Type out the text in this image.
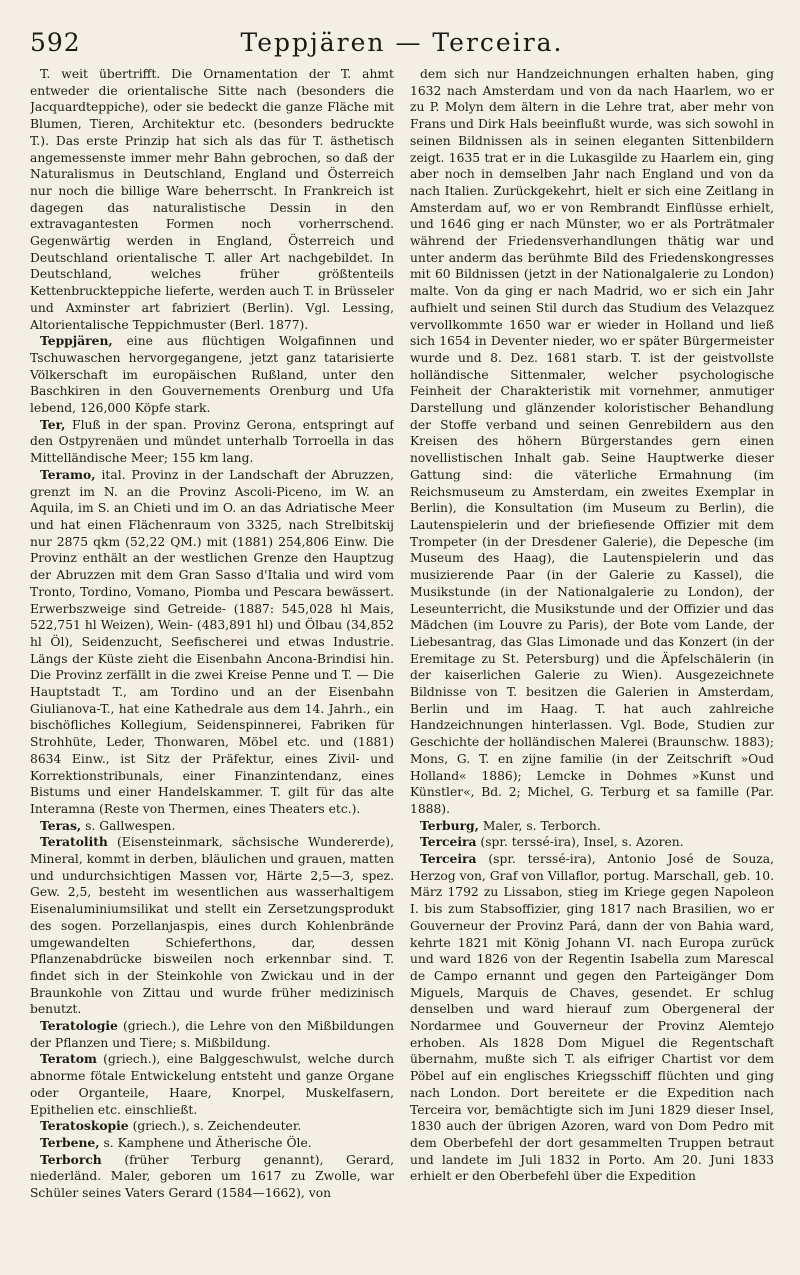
592	Teppjären — Terceira.

T. weit übertrifft. Die Ornamentation der T. ahmt entweder die orientalische Sitte nach (besonders die Jacquardteppiche), oder sie bedeckt die ganze Fläche mit Blumen, Tieren, Architektur etc. (besonders bedruckte T.). Das erste Prinzip hat sich als das für T. ästhetisch angemessenste immer mehr Bahn gebrochen, so daß der Naturalismus in Deutschland, England und Österreich nur noch die billige Ware beherrscht. In Frankreich ist dagegen das naturalistische Dessin in den extravagantesten Formen noch vorherrschend. Gegenwärtig werden in England, Österreich und Deutschland orientalische T. aller Art nachgebildet. In Deutschland, welches früher größtenteils Kettenbruckteppiche lieferte, werden auch T. in Brüsseler und Axminster art fabriziert (Berlin). Vgl. Lessing, Altorientalische Teppichmuster (Berl. 1877).

Teppjären, eine aus flüchtigen Wolgafinnen und Tschuwaschen hervorgegangene, jetzt ganz tatarisierte Völkerschaft im europäischen Rußland, unter den Baschkiren in den Gouvernements Orenburg und Ufa lebend, 126,000 Köpfe stark.

Ter, Fluß in der span. Provinz Gerona, entspringt auf den Ostpyrenäen und mündet unterhalb Torroella in das Mittelländische Meer; 155 km lang.

Teramo, ital. Provinz in der Landschaft der Abruzzen, grenzt im N. an die Provinz Ascoli-Piceno, im W. an Aquila, im S. an Chieti und im O. an das Adriatische Meer und hat einen Flächenraum von 3325, nach Strelbitskij nur 2875 qkm (52,22 QM.) mit (1881) 254,806 Einw. Die Provinz enthält an der westlichen Grenze den Hauptzug der Abruzzen mit dem Gran Sasso d'Italia und wird vom Tronto, Tordino, Vomano, Piomba und Pescara bewässert. Erwerbszweige sind Getreide- (1887: 545,028 hl Mais, 522,751 hl Weizen), Wein- (483,891 hl) und Ölbau (34,852 hl Öl), Seidenzucht, Seefischerei und etwas Industrie. Längs der Küste zieht die Eisenbahn Ancona-Brindisi hin. Die Provinz zerfällt in die zwei Kreise Penne und T. — Die Hauptstadt T., am Tordino und an der Eisenbahn Giulianova-T., hat eine Kathedrale aus dem 14. Jahrh., ein bischöfliches Kollegium, Seidenspinnerei, Fabriken für Strohhüte, Leder, Thonwaren, Möbel etc. und (1881) 8634 Einw., ist Sitz der Präfektur, eines Zivil- und Korrektionstribunals, einer Finanzintendanz, eines Bistums und einer Handelskammer. T. gilt für das alte Interamna (Reste von Thermen, eines Theaters etc.).

Teras, s. Gallwespen.

Teratolith (Eisensteinmark, sächsische Wundererde), Mineral, kommt in derben, bläulichen und grauen, matten und undurchsichtigen Massen vor, Härte 2,5—3, spez. Gew. 2,5, besteht im wesentlichen aus wasserhaltigem Eisenaluminiumsilikat und stellt ein Zersetzungsprodukt des sogen. Porzellanjaspis, eines durch Kohlenbrände umgewandelten Schieferthons, dar, dessen Pflanzenabdrücke bisweilen noch erkennbar sind. T. findet sich in der Steinkohle von Zwickau und in der Braunkohle von Zittau und wurde früher medizinisch benutzt.

Teratologie (griech.), die Lehre von den Mißbildungen der Pflanzen und Tiere; s. Mißbildung.

Teratom (griech.), eine Balggeschwulst, welche durch abnorme fötale Entwickelung entsteht und ganze Organe oder Organteile, Haare, Knorpel, Muskelfasern, Epithelien etc. einschließt.

Teratoskopie (griech.), s. Zeichendeuter.

Terbene, s. Kamphene und Ätherische Öle.

Terborch (früher Terburg genannt), Gerard, niederländ. Maler, geboren um 1617 zu Zwolle, war Schüler seines Vaters Gerard (1584—1662), von

dem sich nur Handzeichnungen erhalten haben, ging 1632 nach Amsterdam und von da nach Haarlem, wo er zu P. Molyn dem ältern in die Lehre trat, aber mehr von Frans und Dirk Hals beeinflußt wurde, was sich sowohl in seinen Bildnissen als in seinen eleganten Sittenbildern zeigt. 1635 trat er in die Lukasgilde zu Haarlem ein, ging aber noch in demselben Jahr nach England und von da nach Italien. Zurückgekehrt, hielt er sich eine Zeitlang in Amsterdam auf, wo er von Rembrandt Einflüsse erhielt, und 1646 ging er nach Münster, wo er als Porträtmaler während der Friedensverhandlungen thätig war und unter anderm das berühmte Bild des Friedenskongresses mit 60 Bildnissen (jetzt in der Nationalgalerie zu London) malte. Von da ging er nach Madrid, wo er sich ein Jahr aufhielt und seinen Stil durch das Studium des Velazquez vervollkommte 1650 war er wieder in Holland und ließ sich 1654 in Deventer nieder, wo er später Bürgermeister wurde und 8. Dez. 1681 starb. T. ist der geistvollste holländische Sittenmaler, welcher psychologische Feinheit der Charakteristik mit vornehmer, anmutiger Darstellung und glänzender koloristischer Behandlung der Stoffe verband und seinen Genrebildern aus den Kreisen des höhern Bürgerstandes gern einen novellistischen Inhalt gab. Seine Hauptwerke dieser Gattung sind: die väterliche Ermahnung (im Reichsmuseum zu Amsterdam, ein zweites Exemplar in Berlin), die Konsultation (im Museum zu Berlin), die Lautenspielerin und der briefiesende Offizier mit dem Trompeter (in der Dresdener Galerie), die Depesche (im Museum des Haag), die Lautenspielerin und das musizierende Paar (in der Galerie zu Kassel), die Musikstunde (in der Nationalgalerie zu London), der Leseunterricht, die Musikstunde und der Offizier und das Mädchen (im Louvre zu Paris), der Bote vom Lande, der Liebesantrag, das Glas Limonade und das Konzert (in der Eremitage zu St. Petersburg) und die Äpfelschälerin (in der kaiserlichen Galerie zu Wien). Ausgezeichnete Bildnisse von T. besitzen die Galerien in Amsterdam, Berlin und im Haag. T. hat auch zahlreiche Handzeichnungen hinterlassen. Vgl. Bode, Studien zur Geschichte der holländischen Malerei (Braunschw. 1883); Mons, G. T. en zijne familie (in der Zeitschrift »Oud Holland« 1886); Lemcke in Dohmes »Kunst und Künstler«, Bd. 2; Michel, G. Terburg et sa famille (Par. 1888).

Terburg, Maler, s. Terborch.

Terceira (spr. terssé-ira), Insel, s. Azoren.

Terceira (spr. terssé-ira), Antonio José de Souza, Herzog von, Graf von Villaflor, portug. Marschall, geb. 10. März 1792 zu Lissabon, stieg im Kriege gegen Napoleon I. bis zum Stabsoffizier, ging 1817 nach Brasilien, wo er Gouverneur der Provinz Pará, dann der von Bahia ward, kehrte 1821 mit König Johann VI. nach Europa zurück und ward 1826 von der Regentin Isabella zum Marescal de Campo ernannt und gegen den Parteigänger Dom Miguels, Marquis de Chaves, gesendet. Er schlug denselben und ward hierauf zum Obergeneral der Nordarmee und Gouverneur der Provinz Alemtejo erhoben. Als 1828 Dom Miguel die Regentschaft übernahm, mußte sich T. als eifriger Chartist vor dem Pöbel auf ein englisches Kriegsschiff flüchten und ging nach London. Dort bereitete er die Expedition nach Terceira vor, bemächtigte sich im Juni 1829 dieser Insel, 1830 auch der übrigen Azoren, ward von Dom Pedro mit dem Oberbefehl der dort gesammelten Truppen betraut und landete im Juli 1832 in Porto. Am 20. Juni 1833 erhielt er den Oberbefehl über die Expedition
